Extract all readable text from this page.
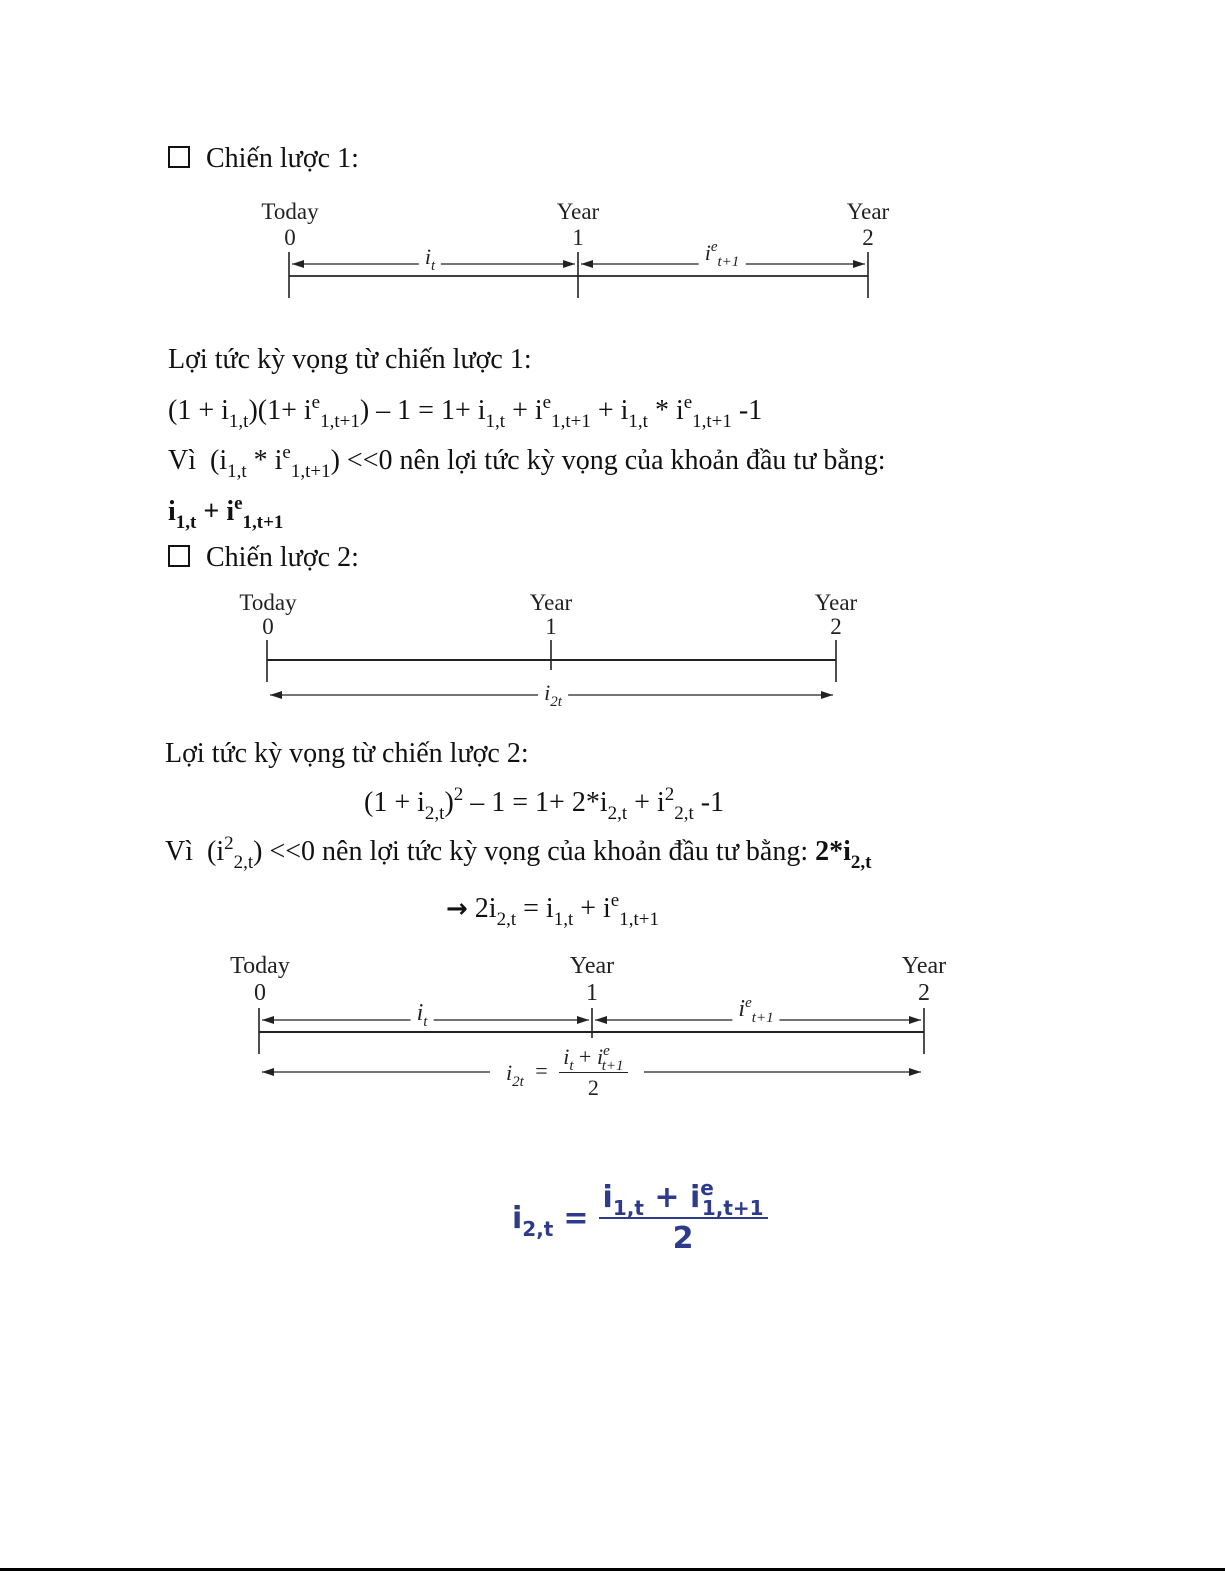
Chiến lược 1:
Today
0
Year
1
Year
2
$i_t$
$i^e_{t+1}$
Lợi tức kỳ vọng từ chiến lược 1:
$(1 + i_{1,t})(1+ i^e_{1,t+1}) - 1 = 1+ i_{1,t} + i^e_{1,t+1} + i_{1,t} * i^e_{1,t+1}$ -1
Vì  $(i_{1,t} * i^e_{1,t+1}) <<0$ nên lợi tức kỳ vọng của khoản đầu tư bằng:
$i_{1,t} + i^e_{1,t+1}$
Chiến lược 2:
Today
0
Year
1
Year
2
$i_{2t}$
Lợi tức kỳ vọng từ chiến lược 2:
$(1 + i_{2,t})^2 - 1 = 1+ 2*i_{2,t} + i^2_{2,t}$ -1
Vì  $(i^2_{2,t}) <<0$ nên lợi tức kỳ vọng của khoản đầu tư bằng: $2*i_{2,t}$
→ $2i_{2,t} = i_{1,t} + i^e_{1,t+1}$
Today
0
Year
1
Year
2
$i_t$	$i^e_{t+1}$
$i_{2t}$ =
$i_t + i^e_{t+1}$
2
$i_{2,t} = \frac{i_{1,t} + i^e_{1,t+1}}{2}$
